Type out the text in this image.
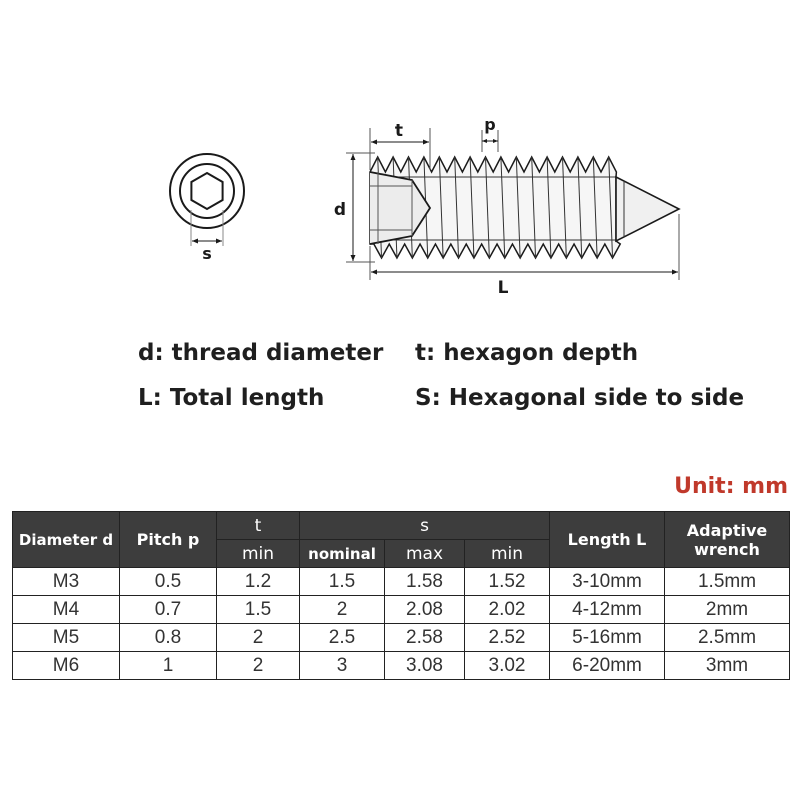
s
t	p
d
L
d: thread diameter t: hexagon depth
L: Total length	S: Hexagonal side to side
Unit: mm
Diameter d	Pitch p	t	s			Length L	Adaptive wrench
		min	nominal	max	min		
M3	0.5	1.2	1.5	1.58	1.52	3-10mm	1.5mm
M4	0.7	1.5	2	2.08	2.02	4-12mm	2mm
M5	0.8	2	2.5	2.58	2.52	5-16mm	2.5mm
M6	1	2	3	3.08	3.02	6-20mm	3mm
